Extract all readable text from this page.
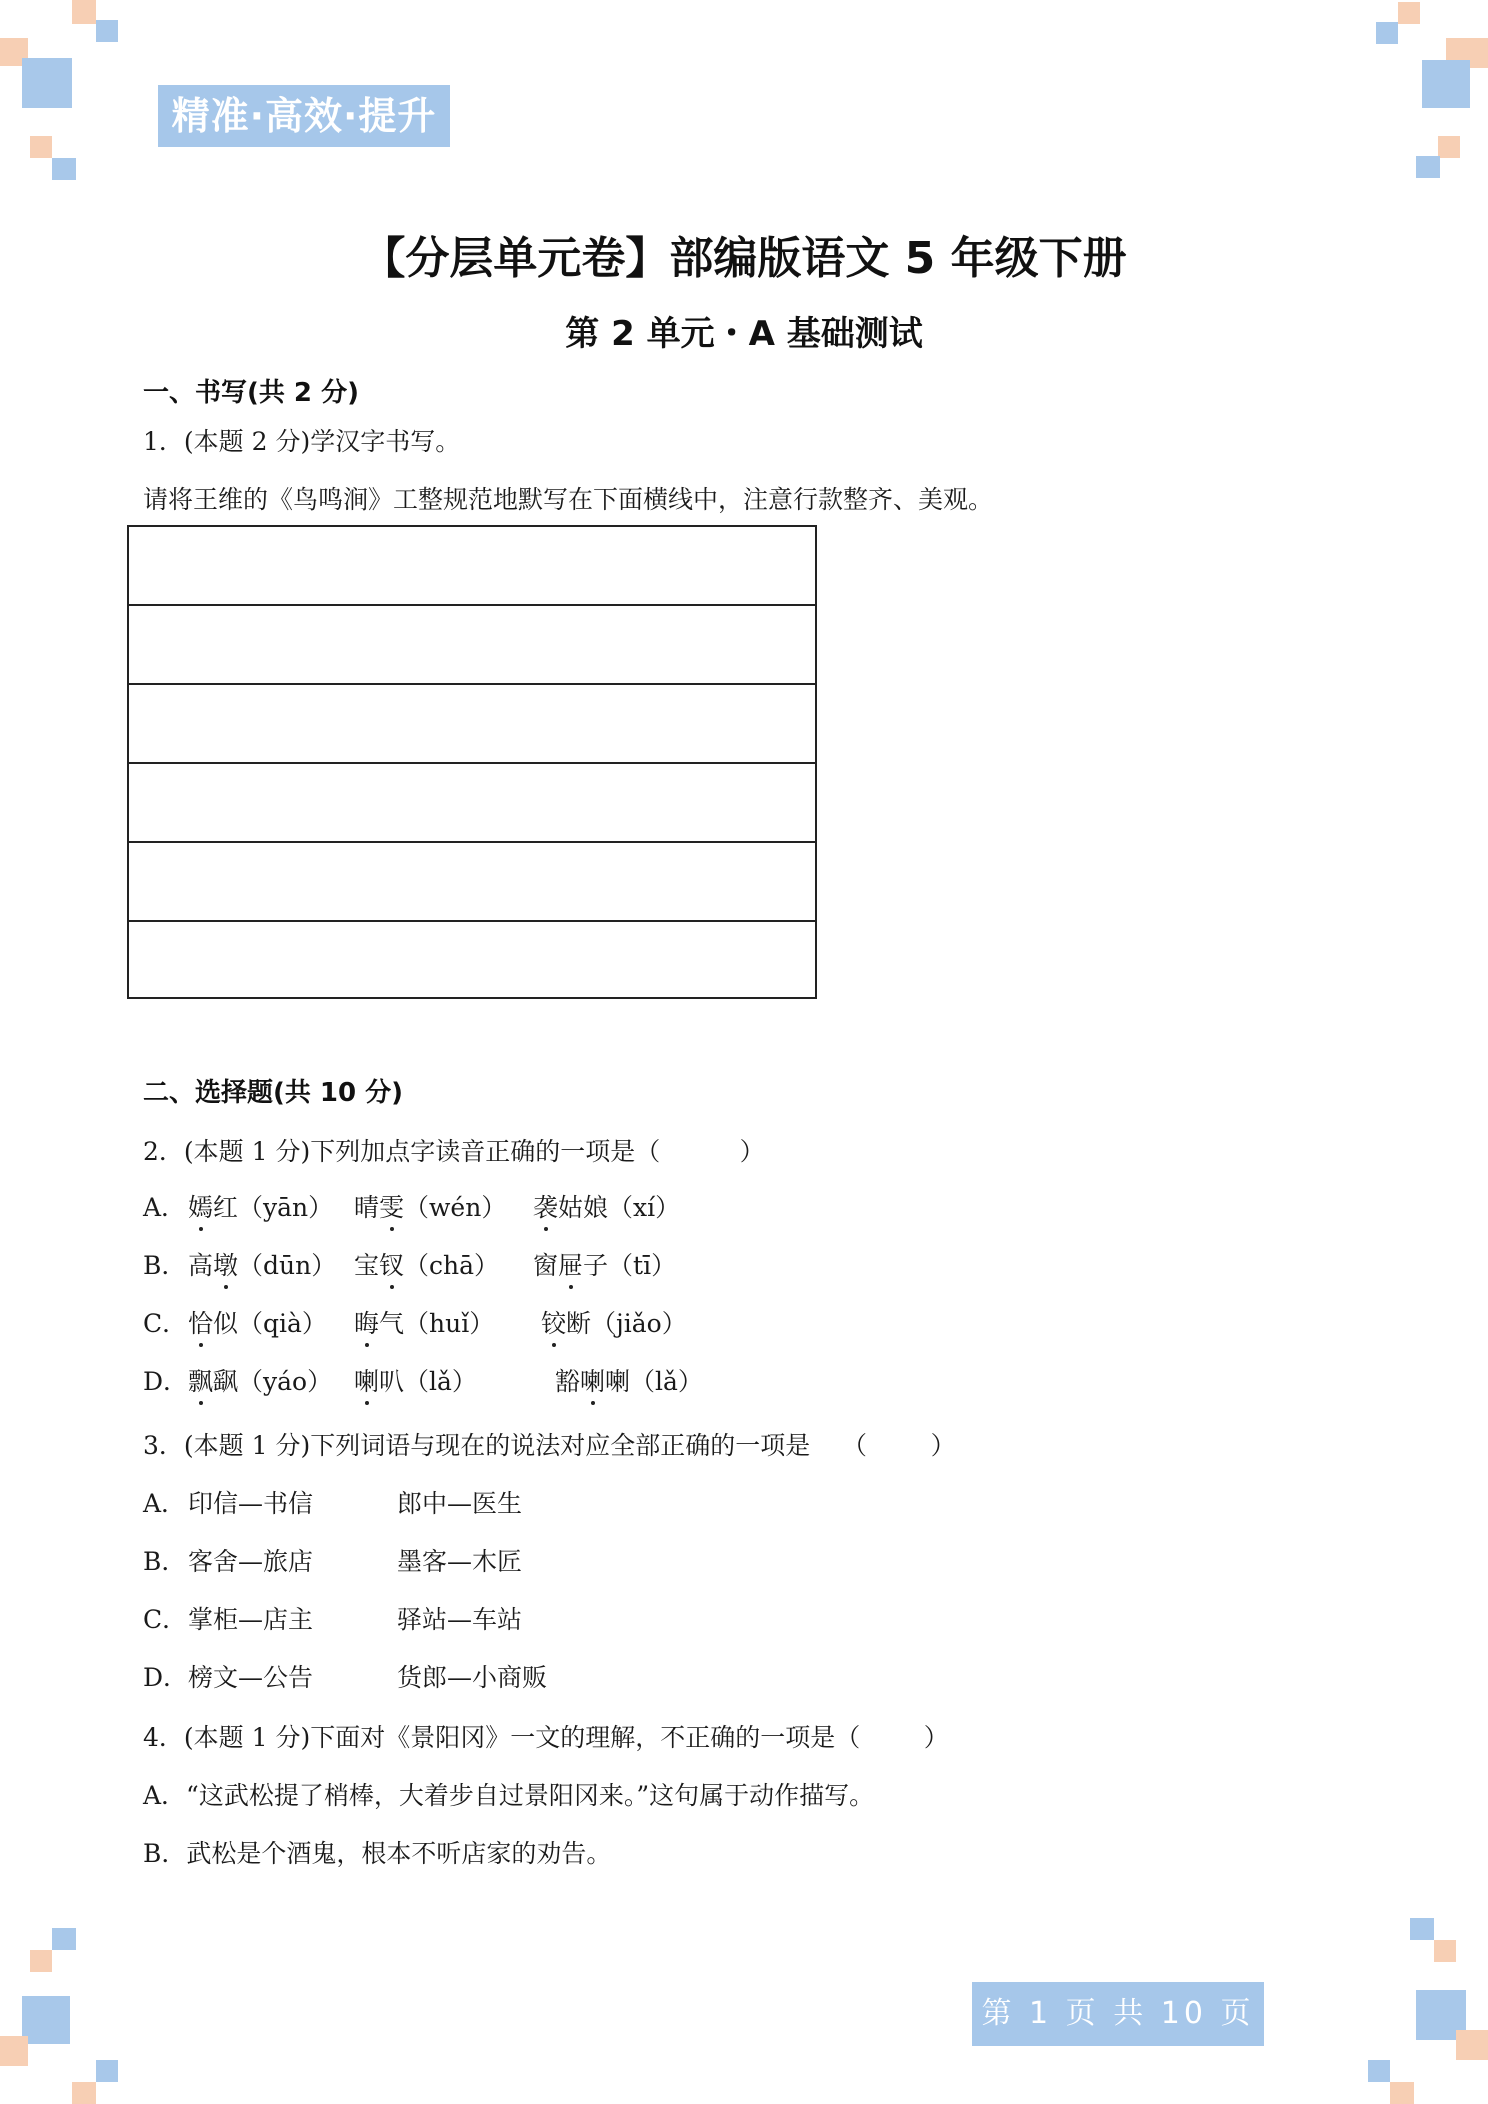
精准·高效·提升
【分层单元卷】部编版语文 5 年级下册
第 2 单元・A 基础测试
一、书写(共 2 分)
1．(本题 2 分)学汉字书写。
请将王维的《鸟鸣涧》工整规范地默写在下面横线中，注意行款整齐、美观。
二、选择题(共 10 分)
2．(本题 1 分)下列加点字读音正确的一项是（          ）
A． 嫣红（yān） 晴雯（wén） 袭姑娘（xí）
B． 高墩（dūn） 宝钗（chā） 窗屉子（tī）
C． 恰似（qià） 晦气（huǐ） 铰断（jiǎo）
D． 飘飖（yáo） 喇叭（lǎ）	豁喇喇（lǎ）
3．(本题 1 分)下列词语与现在的说法对应全部正确的一项是    （        ）
A． 印信—书信	郎中—医生
B． 客舍—旅店	墨客—木匠
C． 掌柜—店主	驿站—车站
D． 榜文—公告	货郎—小商贩
4．(本题 1 分)下面对《景阳冈》一文的理解，不正确的一项是（        ）
A．“这武松提了梢棒，大着步自过景阳冈来。”这句属于动作描写。
B．武松是个酒鬼，根本不听店家的劝告。
第 1 页 共 10 页
